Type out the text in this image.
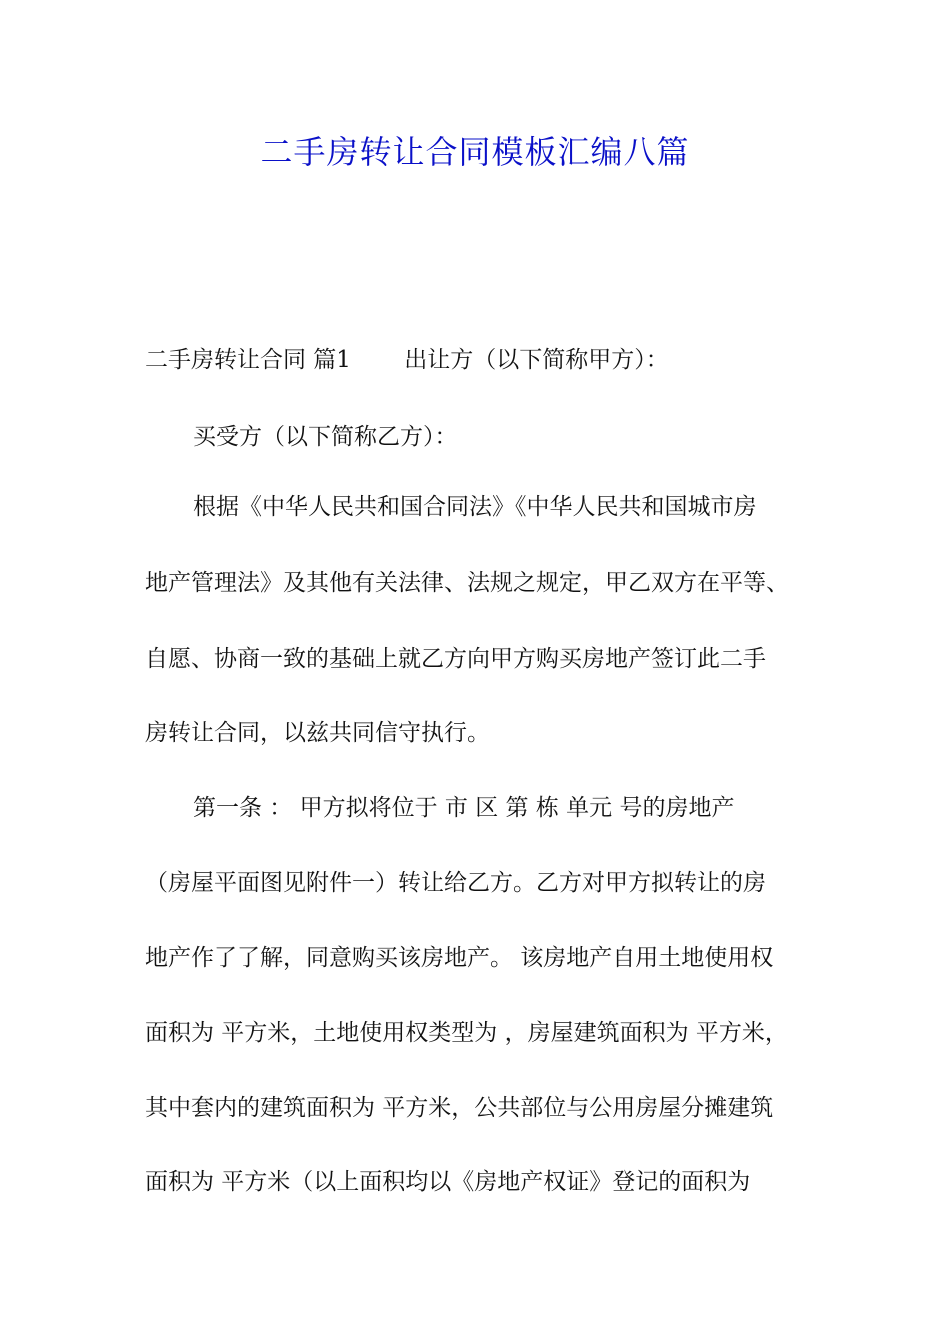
二手房转让合同模板汇编八篇
二手房转让合同 篇1 　　出让方（以下简称甲方）：
买受方（以下简称乙方）：
根据《中华人民共和国合同法》《中华人民共和国城市房
地产管理法》及其他有关法律、法规之规定，甲乙双方在平等、
自愿、协商一致的基础上就乙方向甲方购买房地产签订此二手
房转让合同，以兹共同信守执行。
第一条 ： 甲方拟将位于 市 区 第 栋 单元 号的房地产
（房屋平面图见附件一）转让给乙方。乙方对甲方拟转让的房
地产作了了解，同意购买该房地产。 该房地产自用土地使用权
面积为 平方米，土地使用权类型为 ，房屋建筑面积为 平方米，
其中套内的建筑面积为 平方米，公共部位与公用房屋分摊建筑
面积为 平方米（以上面积均以《房地产权证》登记的面积为
